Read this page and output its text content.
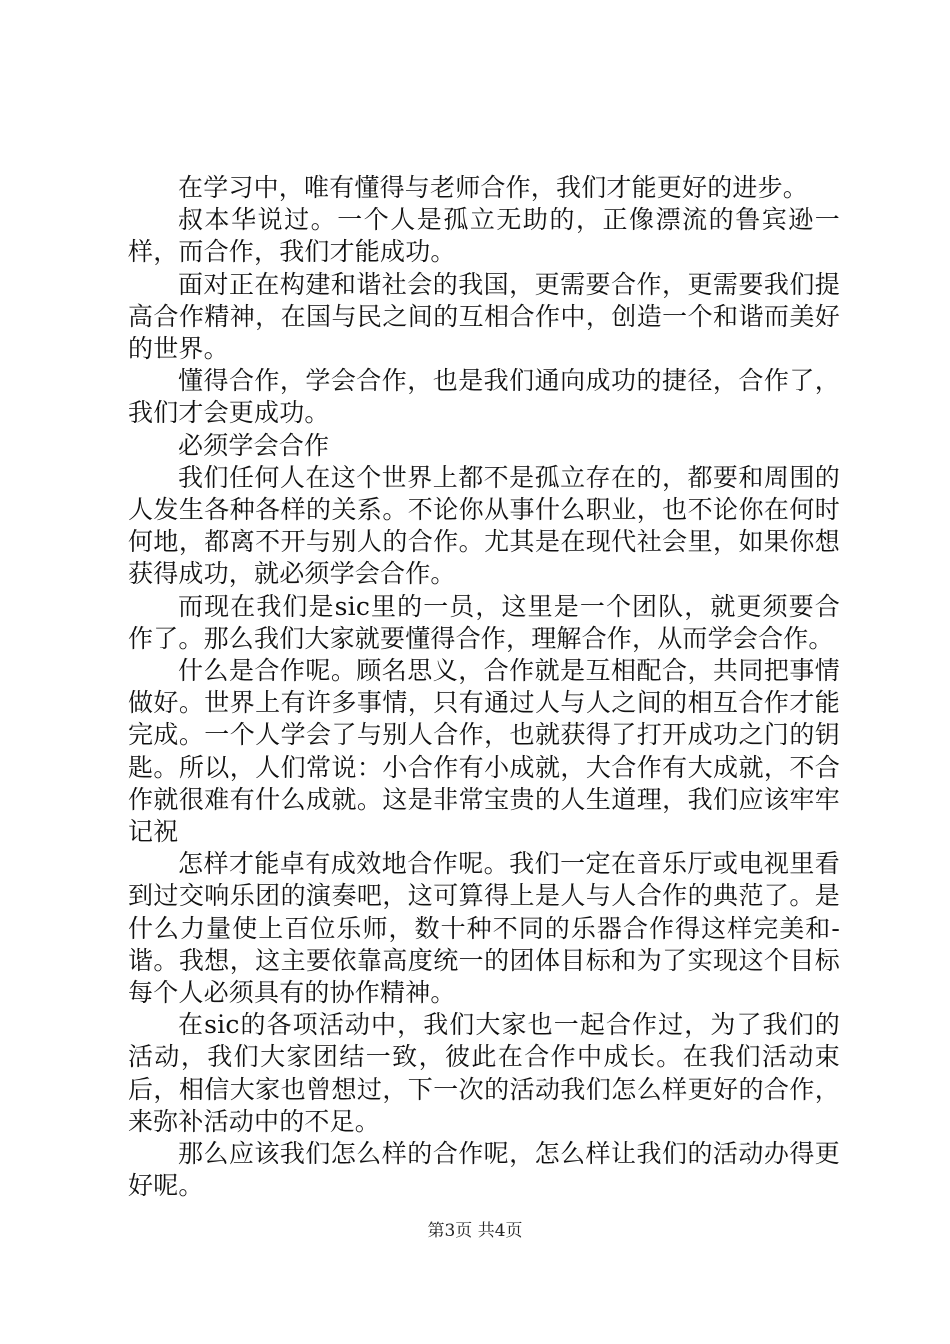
在学习中，唯有懂得与老师合作，我们才能更好的进步。

叔本华说过。一个人是孤立无助的，正像漂流的鲁宾逊一样，而合作，我们才能成功。

面对正在构建和谐社会的我国，更需要合作，更需要我们提高合作精神，在国与民之间的互相合作中，创造一个和谐而美好的世界。

懂得合作，学会合作，也是我们通向成功的捷径，合作了，我们才会更成功。

必须学会合作

我们任何人在这个世界上都不是孤立存在的，都要和周围的人发生各种各样的关系。不论你从事什么职业，也不论你在何时何地，都离不开与别人的合作。尤其是在现代社会里，如果你想获得成功，就必须学会合作。

而现在我们是sic里的一员，这里是一个团队，就更须要合作了。那么我们大家就要懂得合作，理解合作，从而学会合作。

什么是合作呢。顾名思义，合作就是互相配合，共同把事情做好。世界上有许多事情，只有通过人与人之间的相互合作才能完成。一个人学会了与别人合作，也就获得了打开成功之门的钥匙。所以，人们常说：小合作有小成就，大合作有大成就，不合作就很难有什么成就。这是非常宝贵的人生道理，我们应该牢牢记祝

怎样才能卓有成效地合作呢。我们一定在音乐厅或电视里看到过交响乐团的演奏吧，这可算得上是人与人合作的典范了。是什么力量使上百位乐师，数十种不同的乐器合作得这样完美和-谐。我想，这主要依靠高度统一的团体目标和为了实现这个目标每个人必须具有的协作精神。

在sic的各项活动中，我们大家也一起合作过，为了我们的活动，我们大家团结一致，彼此在合作中成长。在我们活动束后，相信大家也曾想过，下一次的活动我们怎么样更好的合作，来弥补活动中的不足。

那么应该我们怎么样的合作呢，怎么样让我们的活动办得更好呢。

第3页 共4页
